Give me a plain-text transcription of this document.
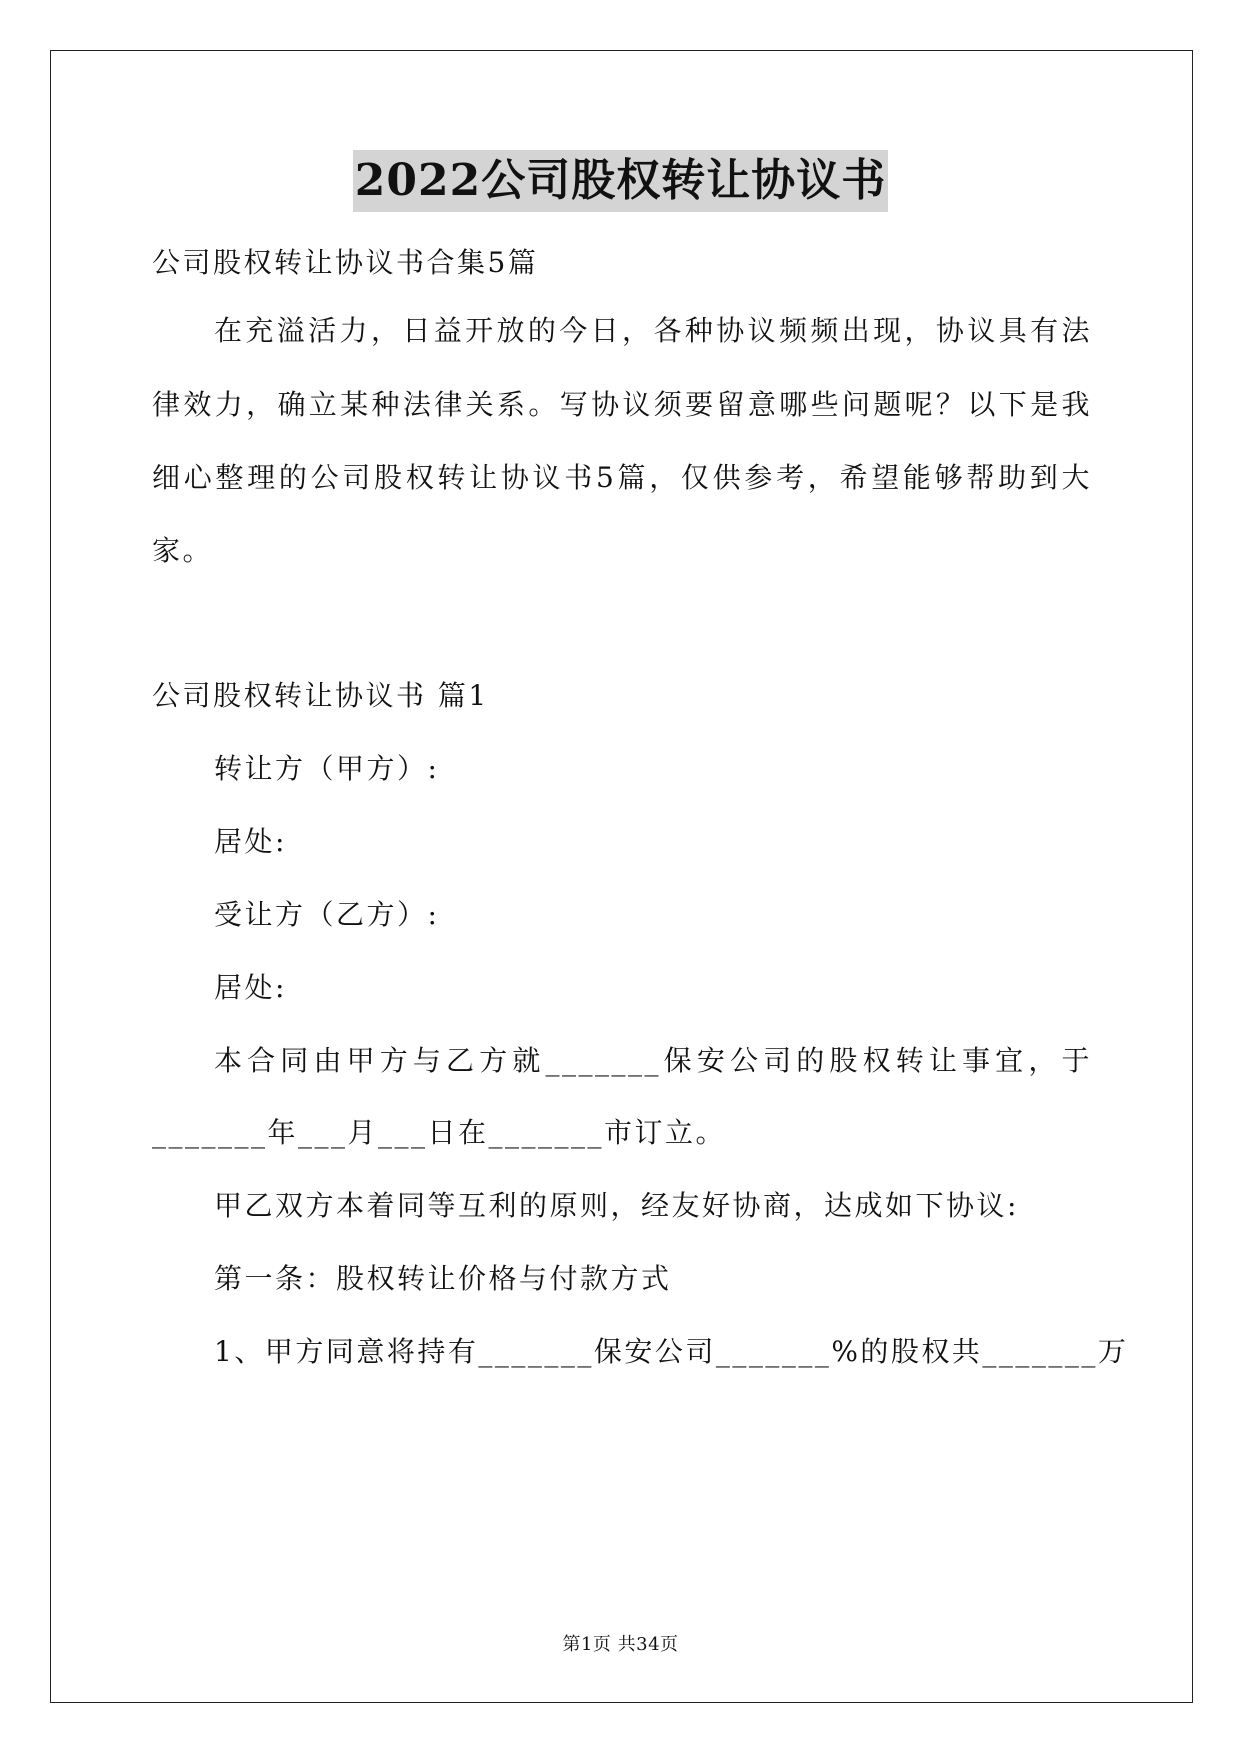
2022公司股权转让协议书
公司股权转让协议书合集5篇
在充溢活力，日益开放的今日，各种协议频频出现，协议具有法
律效力，确立某种法律关系。写协议须要留意哪些问题呢？以下是我
细心整理的公司股权转让协议书5篇，仅供参考，希望能够帮助到大
家。
公司股权转让协议书 篇1
转让方（甲方）:
居处:
受让方（乙方）:
居处:
本合同由甲方与乙方就_______保安公司的股权转让事宜，于
_______年___月___日在_______市订立。
甲乙双方本着同等互利的原则，经友好协商，达成如下协议:
第一条：股权转让价格与付款方式
1、甲方同意将持有_______保安公司_______%的股权共_______万
第1页 共34页
